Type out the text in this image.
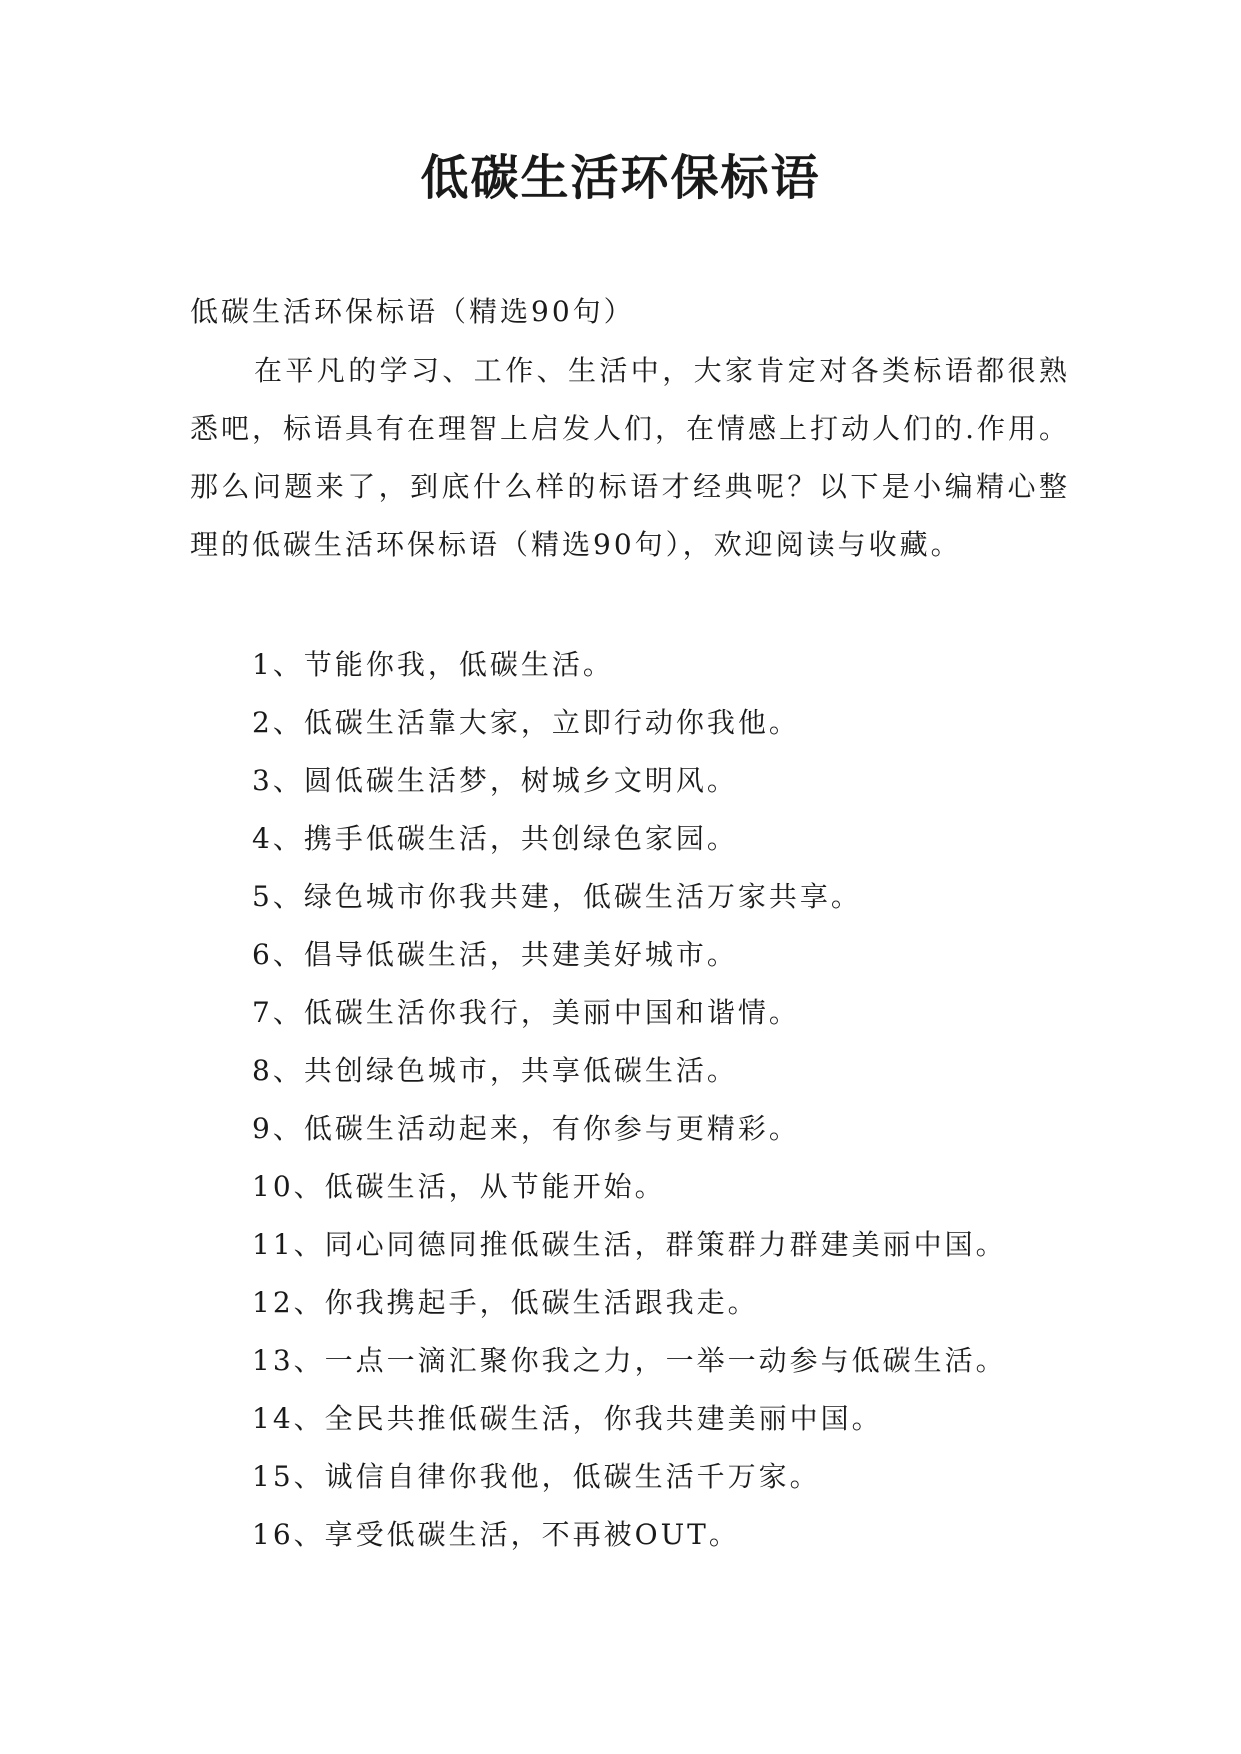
低碳生活环保标语
低碳生活环保标语（精选90句）
在平凡的学习、工作、生活中，大家肯定对各类标语都很熟悉吧，标语具有在理智上启发人们，在情感上打动人们的.作用。那么问题来了，到底什么样的标语才经典呢？以下是小编精心整理的低碳生活环保标语（精选90句），欢迎阅读与收藏。
1、节能你我，低碳生活。
2、低碳生活靠大家，立即行动你我他。
3、圆低碳生活梦，树城乡文明风。
4、携手低碳生活，共创绿色家园。
5、绿色城市你我共建，低碳生活万家共享。
6、倡导低碳生活，共建美好城市。
7、低碳生活你我行，美丽中国和谐情。
8、共创绿色城市，共享低碳生活。
9、低碳生活动起来，有你参与更精彩。
10、低碳生活，从节能开始。
11、同心同德同推低碳生活，群策群力群建美丽中国。
12、你我携起手，低碳生活跟我走。
13、一点一滴汇聚你我之力，一举一动参与低碳生活。
14、全民共推低碳生活，你我共建美丽中国。
15、诚信自律你我他，低碳生活千万家。
16、享受低碳生活，不再被OUT。
